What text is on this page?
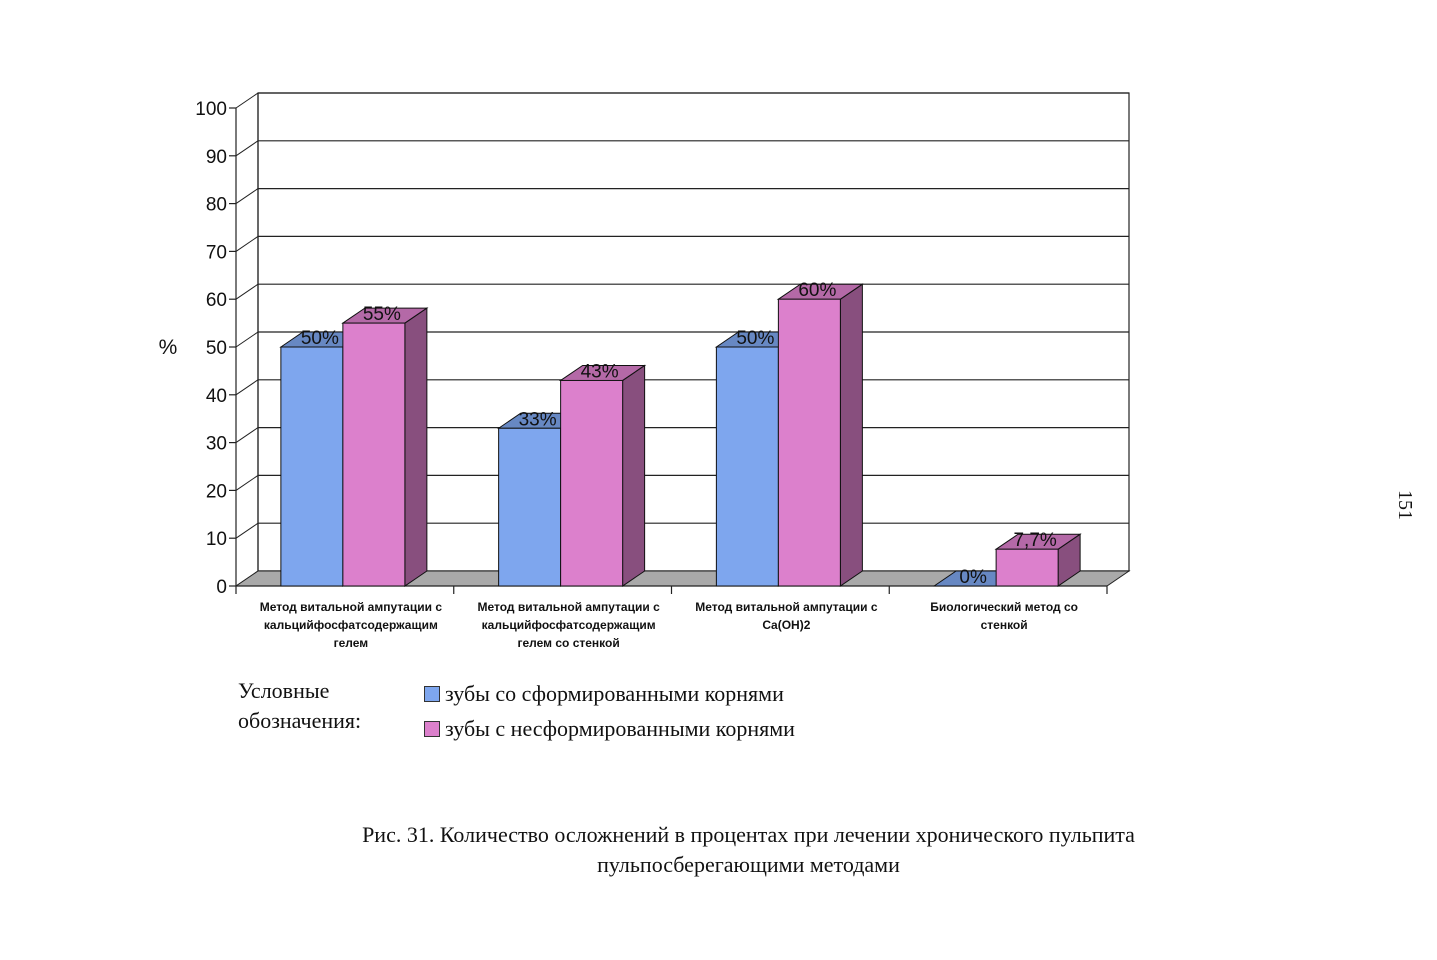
0
10
20
30
40
50
60
70
80
90
100
%	50%
55%
33%
43%
50%
60%
0%
7,7%
Метод витальной ампутации с кальцийфосфатсодержащим гелем
Метод витальной ампутации с кальцийфосфатсодержащим гелем со стенкой
Метод витальной ампутации с Ca(OH)2
Биологический метод со стенкой
Условные
обозначения:
зубы со сформированными корнями
зубы с несформированными корнями
Рис. 31. Количество осложнений в процентах при лечении хронического пульпита
пульпосберегающими методами
151
